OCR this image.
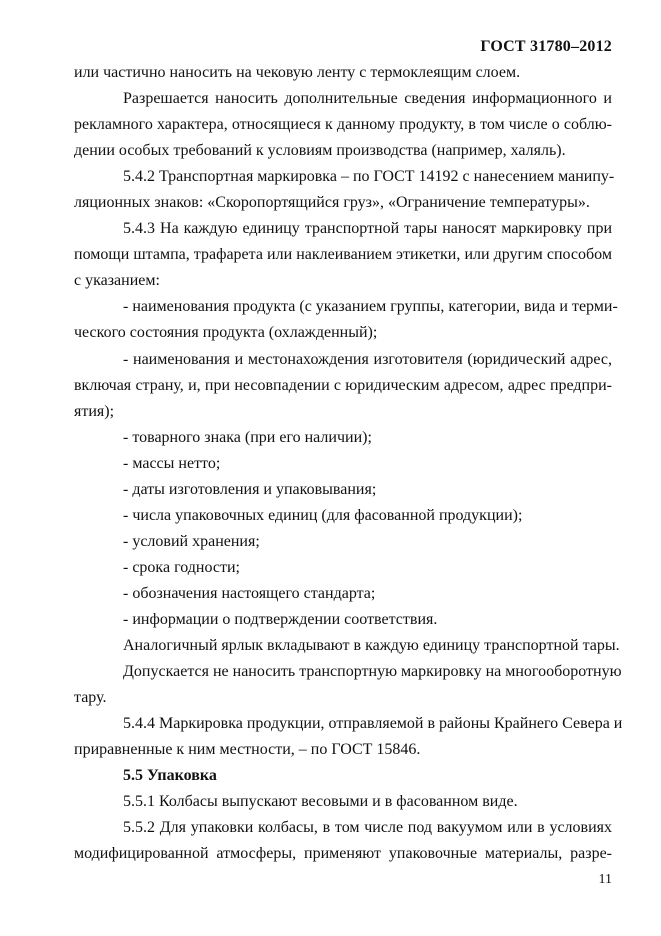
ГОСТ 31780–2012
или частично наносить на чековую ленту с термоклеящим слоем.
Разрешается наносить дополнительные сведения информационного и
рекламного характера, относящиеся к данному продукту, в том числе о соблю-
дении особых требований к условиям производства (например, халяль).
5.4.2 Транспортная маркировка – по ГОСТ 14192 с нанесением манипу-
ляционных знаков: «Скоропортящийся груз», «Ограничение температуры».
5.4.3 На каждую единицу транспортной тары наносят маркировку при
помощи штампа, трафарета или наклеиванием этикетки, или другим способом
с указанием:
- наименования продукта (с указанием группы, категории, вида и терми-
ческого состояния продукта (охлажденный);
- наименования и местонахождения изготовителя (юридический адрес,
включая страну, и, при несовпадении с юридическим адресом, адрес предпри-
ятия);
- товарного знака (при его наличии);
- массы нетто;
- даты изготовления и упаковывания;
- числа упаковочных единиц (для фасованной продукции);
- условий хранения;
- срока годности;
- обозначения настоящего стандарта;
- информации о подтверждении соответствия.
Аналогичный ярлык вкладывают в каждую единицу транспортной тары.
Допускается не наносить транспортную маркировку на многооборотную
тару.
5.4.4 Маркировка продукции, отправляемой в районы Крайнего Севера и
приравненные к ним местности, – по ГОСТ 15846.
5.5 Упаковка
5.5.1 Колбасы выпускают весовыми и в фасованном виде.
5.5.2 Для упаковки колбасы, в том числе под вакуумом или в условиях
модифицированной атмосферы, применяют упаковочные материалы, разре-
11
